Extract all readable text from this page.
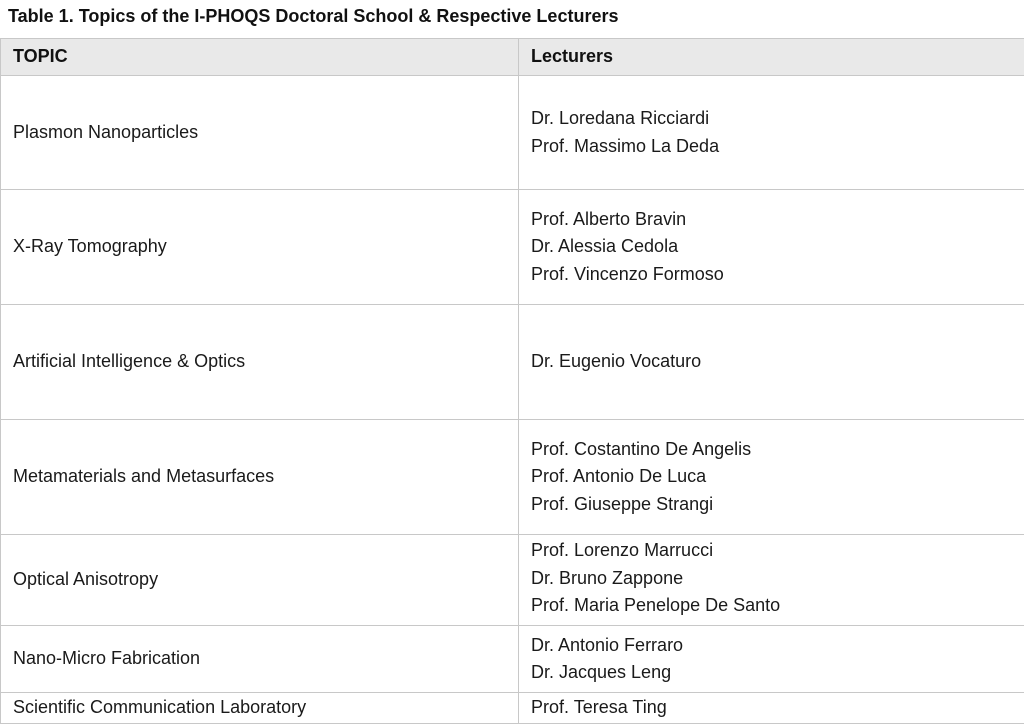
Table 1. Topics of the I-PHOQS Doctoral School & Respective Lecturers
TOPIC	Lecturers
Plasmon Nanoparticles	Dr. Loredana Ricciardi
Prof. Massimo La Deda

X-Ray Tomography	Prof. Alberto Bravin
Dr. Alessia Cedola
Prof. Vincenzo Formoso

Artificial Intelligence & Optics	Dr. Eugenio Vocaturo

Metamaterials and Metasurfaces	Prof. Costantino De Angelis
Prof. Antonio De Luca
Prof. Giuseppe Strangi

Optical Anisotropy	Prof. Lorenzo Marrucci
Dr. Bruno Zappone
Prof. Maria Penelope De Santo

Nano-Micro Fabrication	Dr. Antonio Ferraro
Dr. Jacques Leng

Scientific Communication Laboratory	Prof. Teresa Ting
